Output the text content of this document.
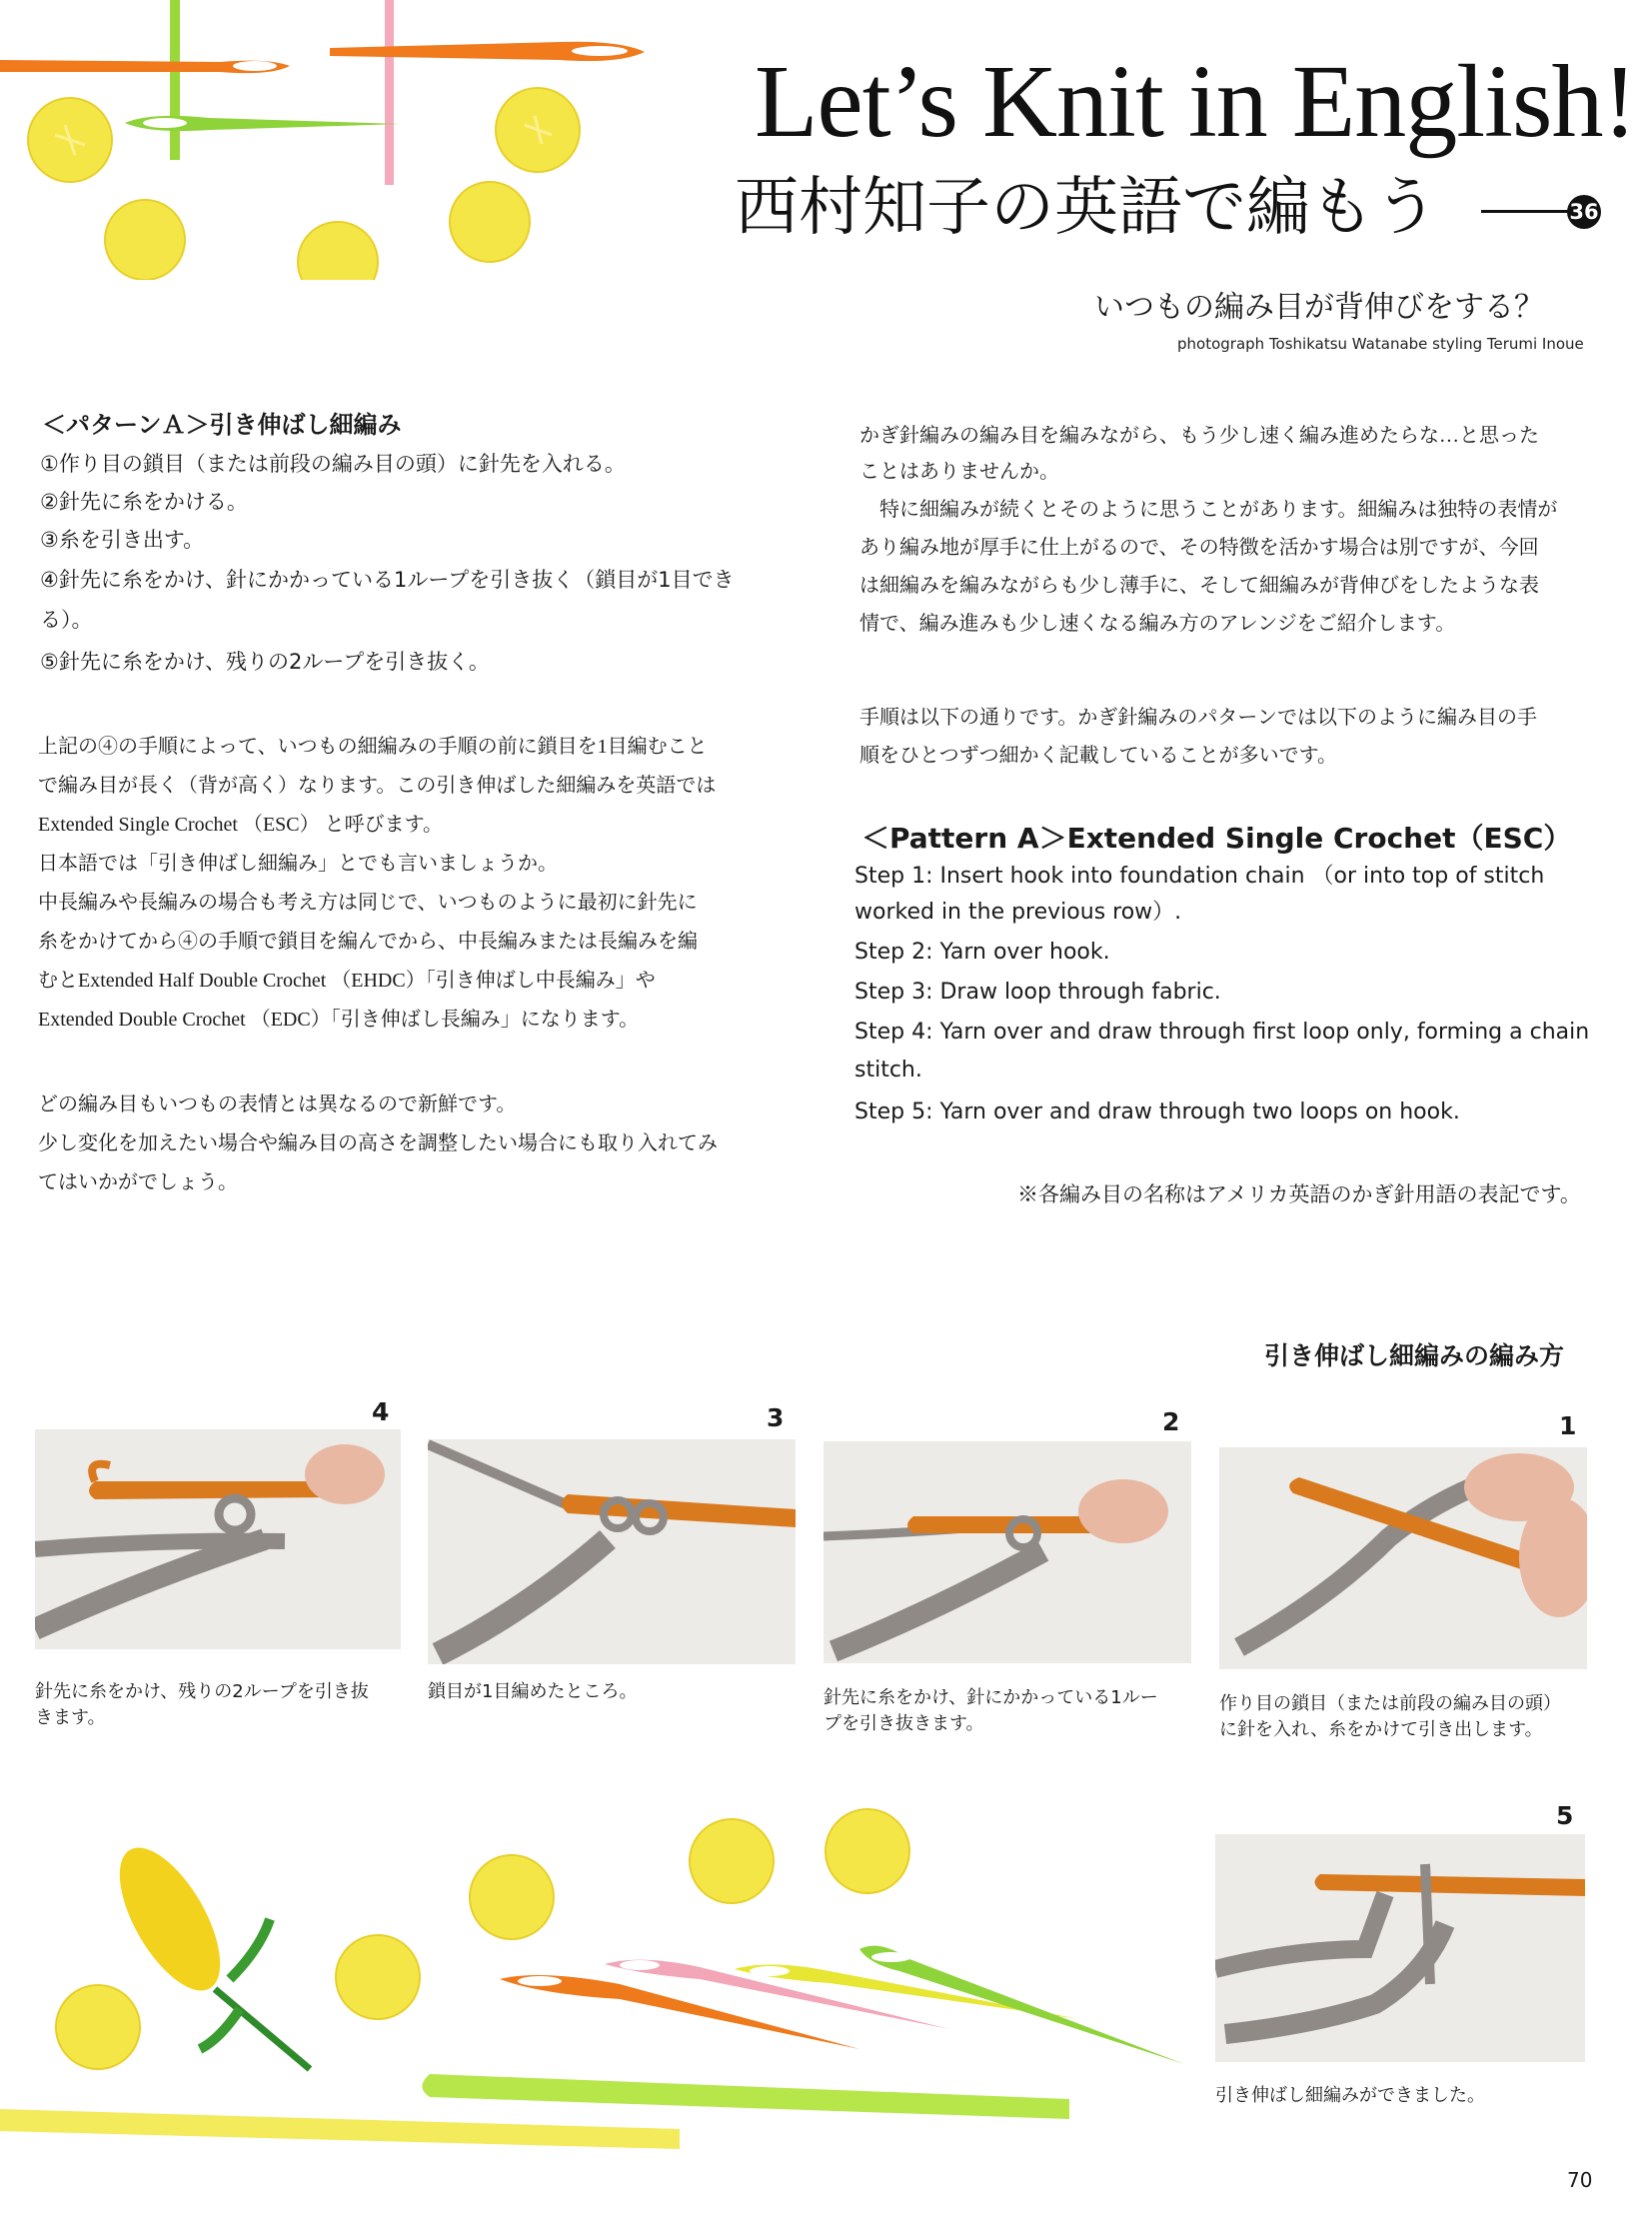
Let’s Knit in English!
西村知子の英語で編もう	36
いつもの編み目が背伸びをする？
photograph Toshikatsu Watanabe styling Terumi Inoue
＜パターンＡ＞引き伸ばし細編み
①作り目の鎖目（または前段の編み目の頭）に針先を入れる。
②針先に糸をかける。
③糸を引き出す。
④針先に糸をかけ、針にかかっている1ループを引き抜く（鎖目が1目でき
る）。
⑤針先に糸をかけ、残りの2ループを引き抜く。
上記の④の手順によって、いつもの細編みの手順の前に鎖目を1目編むこと
で編み目が長く（背が高く）なります。この引き伸ばした細編みを英語では
Extended Single Crochet （ESC） と呼びます。
日本語では「引き伸ばし細編み」とでも言いましょうか。
中長編みや長編みの場合も考え方は同じで、いつものように最初に針先に
糸をかけてから④の手順で鎖目を編んでから、中長編みまたは長編みを編
むとExtended Half Double Crochet （EHDC）「引き伸ばし中長編み」や
Extended Double Crochet （EDC）「引き伸ばし長編み」になります。
どの編み目もいつもの表情とは異なるので新鮮です。
少し変化を加えたい場合や編み目の高さを調整したい場合にも取り入れてみ
てはいかがでしょう。
かぎ針編みの編み目を編みながら、もう少し速く編み進めたらな…と思った
ことはありませんか。
　特に細編みが続くとそのように思うことがあります。細編みは独特の表情が
あり編み地が厚手に仕上がるので、その特徴を活かす場合は別ですが、今回
は細編みを編みながらも少し薄手に、そして細編みが背伸びをしたような表
情で、編み進みも少し速くなる編み方のアレンジをご紹介します。
手順は以下の通りです。かぎ針編みのパターンでは以下のように編み目の手
順をひとつずつ細かく記載していることが多いです。
＜Pattern A＞Extended Single Crochet（ESC）
Step 1: Insert hook into foundation chain （or into top of stitch
worked in the previous row）.
Step 2: Yarn over hook.
Step 3: Draw loop through fabric.
Step 4: Yarn over and draw through first loop only, forming a chain
stitch.
Step 5: Yarn over and draw through two loops on hook.
※各編み目の名称はアメリカ英語のかぎ針用語の表記です。
引き伸ばし細編みの編み方
4
針先に糸をかけ、残りの2ループを引き抜
きます。
3
鎖目が1目編めたところ。
2
針先に糸をかけ、針にかかっている1ルー
プを引き抜きます。
1
作り目の鎖目（または前段の編み目の頭）
に針を入れ、糸をかけて引き出します。
5
引き伸ばし細編みができました。
70
